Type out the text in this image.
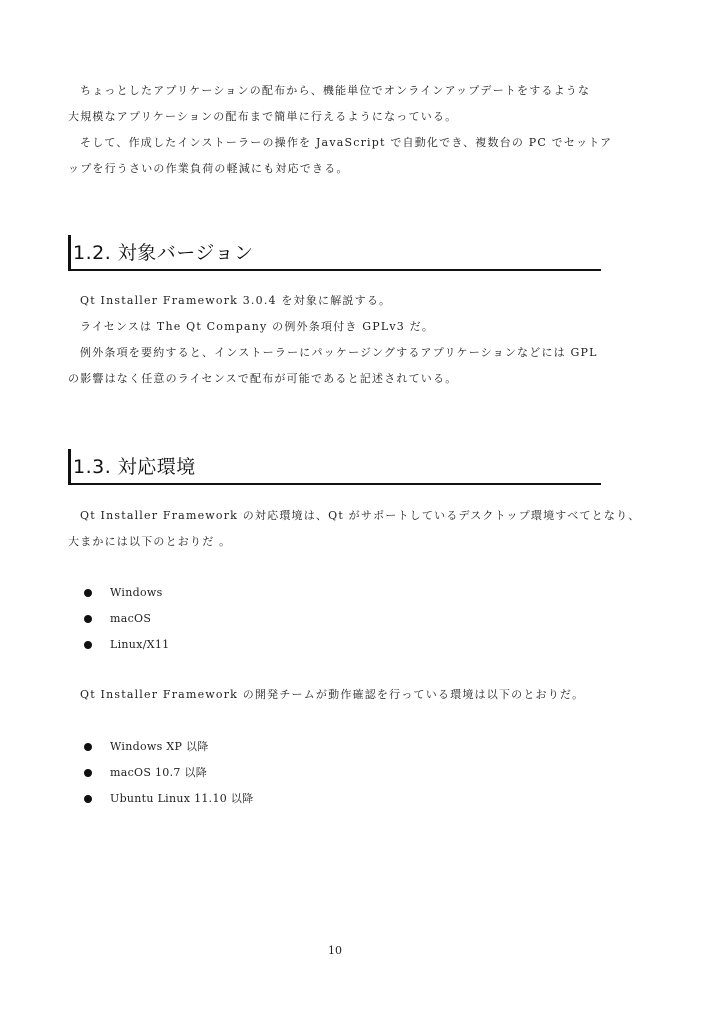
ちょっとしたアプリケーションの配布から、機能単位でオンラインアップデートをするような
大規模なアプリケーションの配布まで簡単に行えるようになっている。

そして、作成したインストーラーの操作を JavaScript で自動化でき、複数台の PC でセットア
ップを行うさいの作業負荷の軽減にも対応できる。

1.2. 対象バージョン

Qt Installer Framework 3.0.4 を対象に解説する。

ライセンスは The Qt Company の例外条項付き GPLv3 だ。

例外条項を要約すると、インストーラーにパッケージングするアプリケーションなどには GPL
の影響はなく任意のライセンスで配布が可能であると記述されている。

1.3. 対応環境

Qt Installer Framework の対応環境は、Qt がサポートしているデスクトップ環境すべてとなり、
大まかには以下のとおりだ 。

Windows
macOS
Linux/X11

Qt Installer Framework の開発チームが動作確認を行っている環境は以下のとおりだ。

Windows XP 以降
macOS 10.7 以降
Ubuntu Linux 11.10 以降
10
